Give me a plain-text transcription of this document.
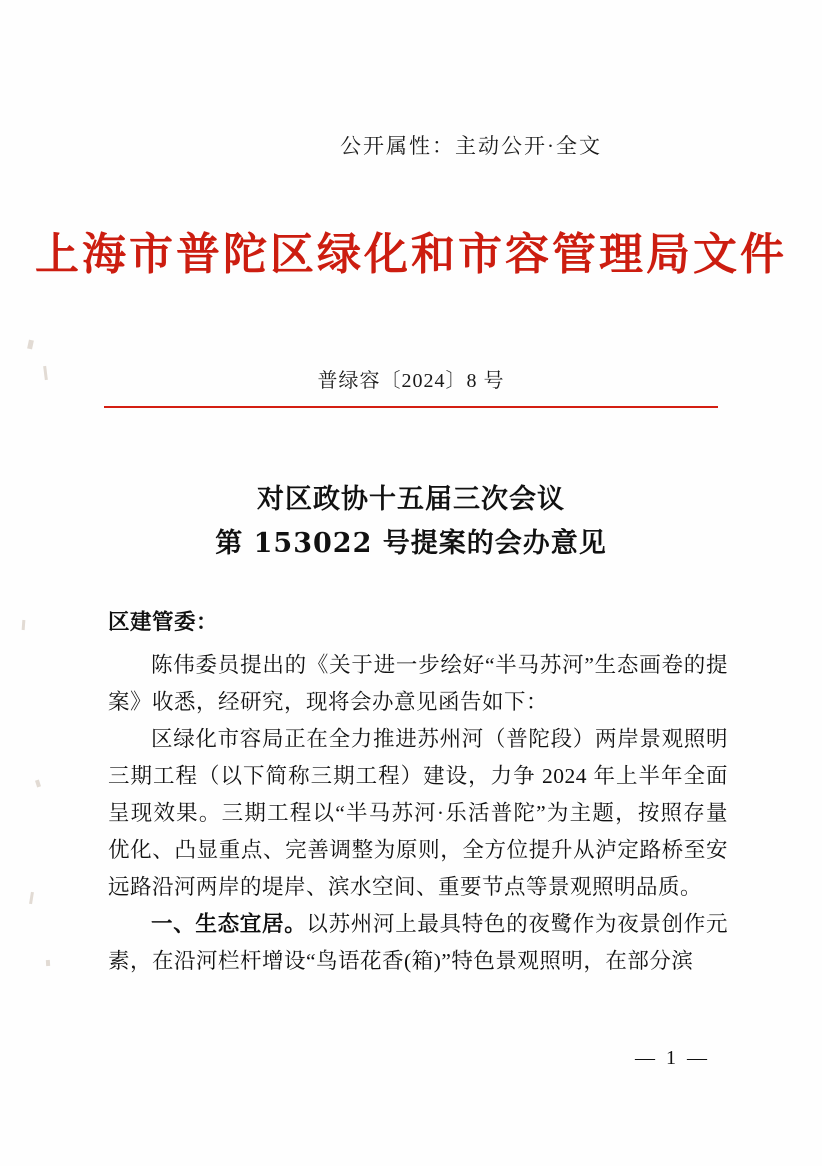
公开属性：主动公开·全文
上海市普陀区绿化和市容管理局文件
普绿容〔2024〕8 号
对区政协十五届三次会议
第 153022 号提案的会办意见

区建管委：

陈伟委员提出的《关于进一步绘好“半马苏河”生态画卷的提案》收悉，经研究，现将会办意见函告如下：

区绿化市容局正在全力推进苏州河（普陀段）两岸景观照明三期工程（以下简称三期工程）建设，力争 2024 年上半年全面呈现效果。三期工程以“半马苏河·乐活普陀”为主题，按照存量优化、凸显重点、完善调整为原则，全方位提升从泸定路桥至安远路沿河两岸的堤岸、滨水空间、重要节点等景观照明品质。

一、生态宜居。以苏州河上最具特色的夜鹭作为夜景创作元素，在沿河栏杆增设“鸟语花香(箱)”特色景观照明，在部分滨

— 1 —
